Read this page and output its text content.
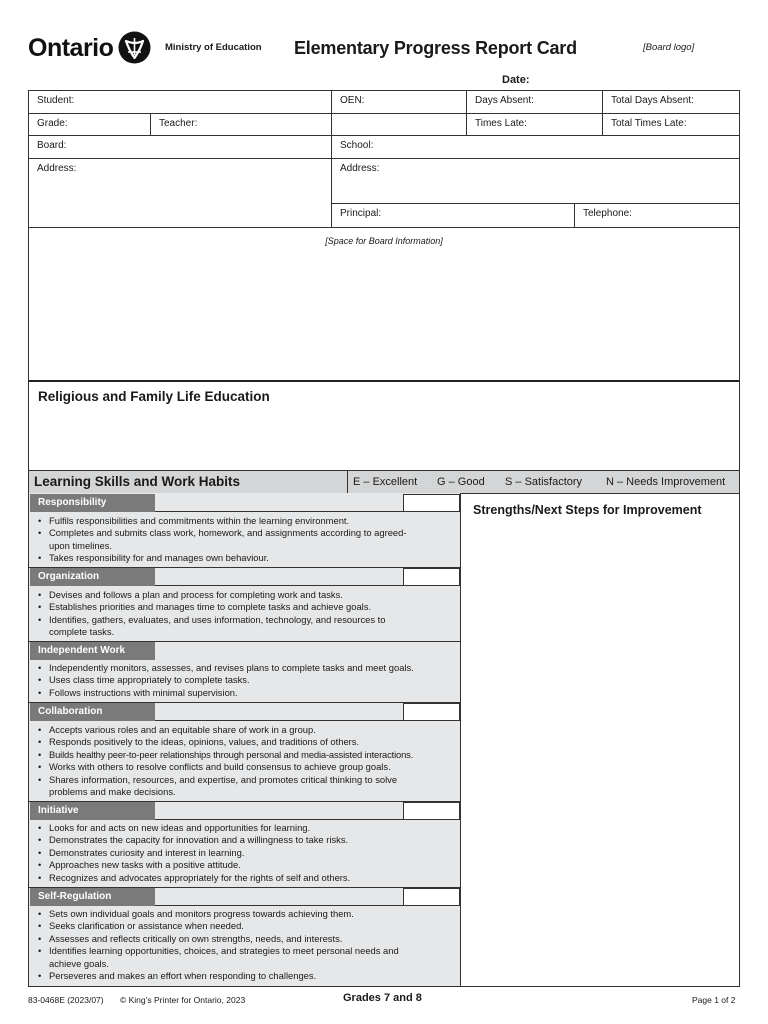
Ontario	Ministry of Education Elementary Progress Report Card	[Board logo]
Date:
Student:	OEN:	Days Absent:	Total Days Absent:
Grade:	Teacher:	Times Late:	Total Times Late:
Board:	School:
Address:	Address:
Principal:	Telephone:
[Space for Board Information]
Religious and Family Life Education
Learning Skills and Work Habits	E – Excellent G – Good S – Satisfactory N – Needs Improvement
Strengths/Next Steps for Improvement
Responsibility
• Fulfils responsibilities and commitments within the learning environment.
• Completes and submits class work, homework, and assignments according to agreed-upon timelines.
• Takes responsibility for and manages own behaviour.
Organization
• Devises and follows a plan and process for completing work and tasks.
• Establishes priorities and manages time to complete tasks and achieve goals.
• Identifies, gathers, evaluates, and uses information, technology, and resources to complete tasks.
Independent Work
• Independently monitors, assesses, and revises plans to complete tasks and meet goals.
• Uses class time appropriately to complete tasks.
• Follows instructions with minimal supervision.
Collaboration
• Accepts various roles and an equitable share of work in a group.
• Responds positively to the ideas, opinions, values, and traditions of others.
• Builds healthy peer-to-peer relationships through personal and media-assisted interactions.
• Works with others to resolve conflicts and build consensus to achieve group goals.
• Shares information, resources, and expertise, and promotes critical thinking to solve problems and make decisions.
Initiative
• Looks for and acts on new ideas and opportunities for learning.
• Demonstrates the capacity for innovation and a willingness to take risks.
• Demonstrates curiosity and interest in learning.
• Approaches new tasks with a positive attitude.
• Recognizes and advocates appropriately for the rights of self and others.
Self-Regulation
• Sets own individual goals and monitors progress towards achieving them.
• Seeks clarification or assistance when needed.
• Assesses and reflects critically on own strengths, needs, and interests.
• Identifies learning opportunities, choices, and strategies to meet personal needs and achieve goals.
• Perseveres and makes an effort when responding to challenges.
83-0468E (2023/07) © King’s Printer for Ontario, 2023	Grades 7 and 8	Page 1 of 2
